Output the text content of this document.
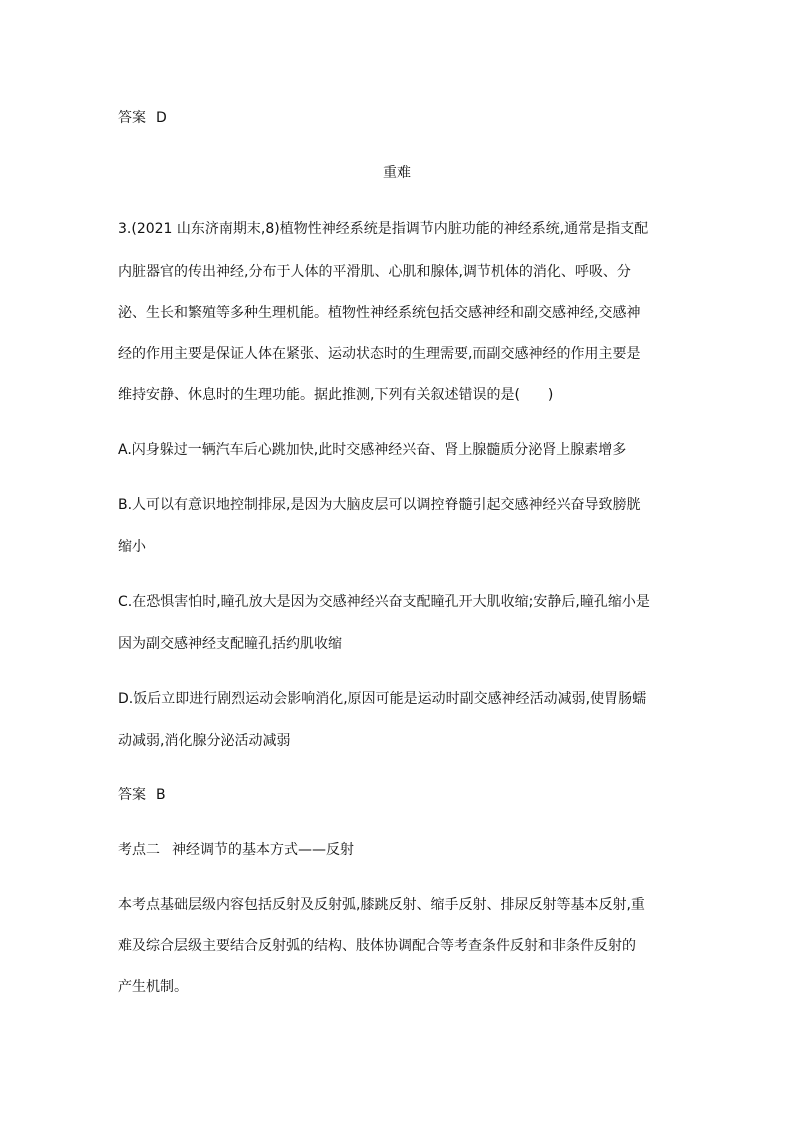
答案 D
重难
3.(2021 山东济南期末,8)植物性神经系统是指调节内脏功能的神经系统,通常是指支配
内脏器官的传出神经,分布于人体的平滑肌、心肌和腺体,调节机体的消化、呼吸、分
泌、生长和繁殖等多种生理机能。植物性神经系统包括交感神经和副交感神经,交感神
经的作用主要是保证人体在紧张、运动状态时的生理需要,而副交感神经的作用主要是
维持安静、休息时的生理功能。据此推测,下列有关叙述错误的是(　　)
A.闪身躲过一辆汽车后心跳加快,此时交感神经兴奋、肾上腺髓质分泌肾上腺素增多
B.人可以有意识地控制排尿,是因为大脑皮层可以调控脊髓引起交感神经兴奋导致膀胱
缩小
C.在恐惧害怕时,瞳孔放大是因为交感神经兴奋支配瞳孔开大肌收缩;安静后,瞳孔缩小是
因为副交感神经支配瞳孔括约肌收缩
D.饭后立即进行剧烈运动会影响消化,原因可能是运动时副交感神经活动减弱,使胃肠蠕
动减弱,消化腺分泌活动减弱
答案 B
考点二 神经调节的基本方式——反射
本考点基础层级内容包括反射及反射弧,膝跳反射、缩手反射、排尿反射等基本反射,重
难及综合层级主要结合反射弧的结构、肢体协调配合等考查条件反射和非条件反射的
产生机制。
